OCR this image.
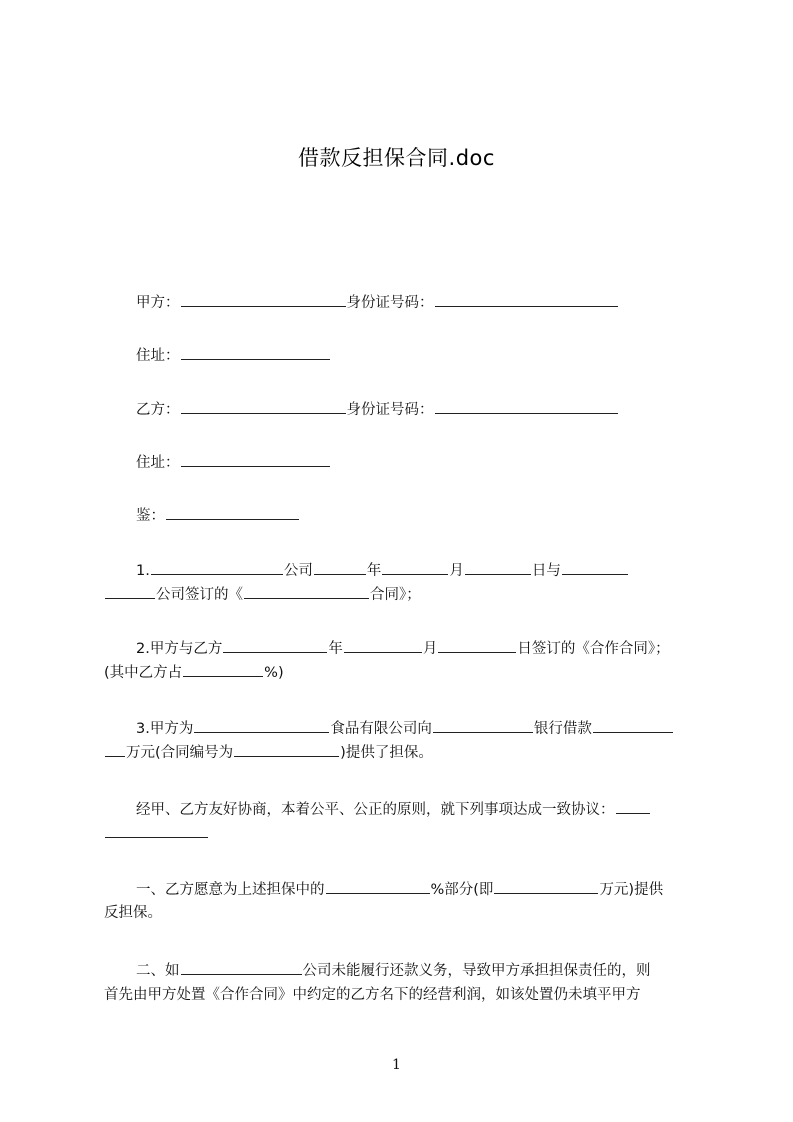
借款反担保合同.doc
甲方：	身份证号码：
住址：
乙方：	身份证号码：
住址：
鉴：
1.	公司	年	月	日与
公司签订的《	合同》；
2.甲方与乙方	年	月	日签订的《合作合同》；
(其中乙方占	%)
3.甲方为	食品有限公司向	银行借款
万元(合同编号为	)提供了担保。
经甲、乙方友好协商，本着公平、公正的原则，就下列事项达成一致协议：
一、乙方愿意为上述担保中的	%部分(即	万元)提供
反担保。
二、如	公司未能履行还款义务，导致甲方承担担保责任的，则
首先由甲方处置《合作合同》中约定的乙方名下的经营利润，如该处置仍未填平甲方
1
